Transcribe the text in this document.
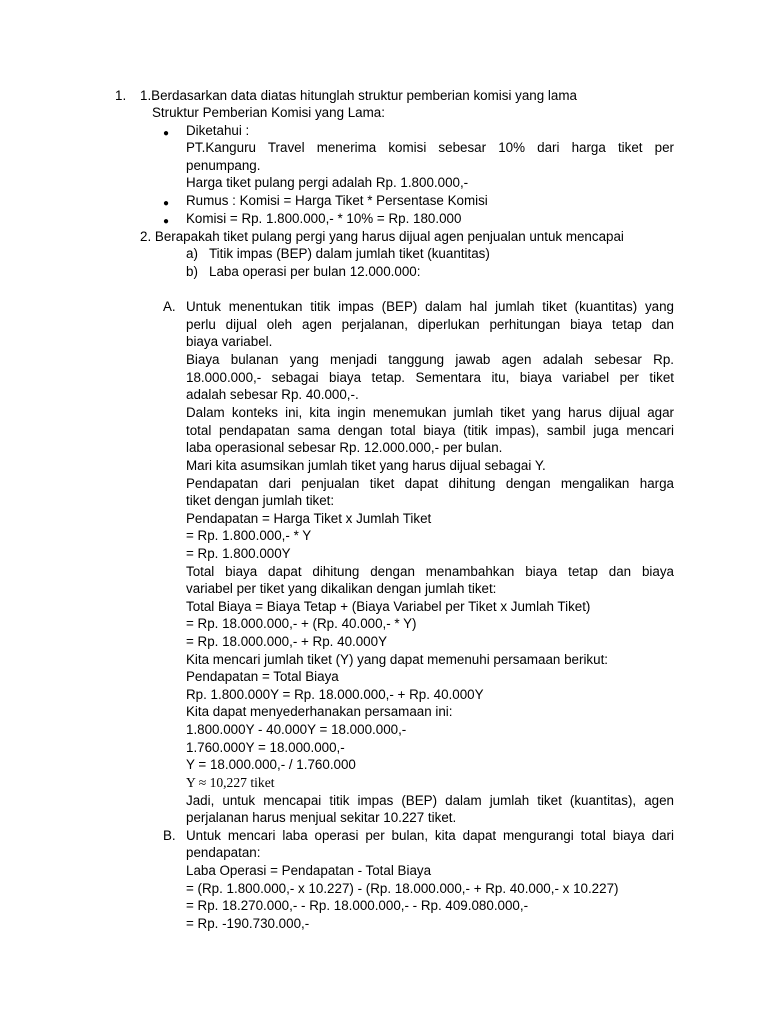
1. 1.Berdasarkan data diatas hitunglah struktur pemberian komisi yang lama
Struktur Pemberian Komisi yang Lama:
● Diketahui :
PT.Kanguru Travel menerima komisi sebesar 10% dari harga tiket per
penumpang.
Harga tiket pulang pergi adalah Rp. 1.800.000,-
● Rumus : Komisi = Harga Tiket * Persentase Komisi
● Komisi = Rp. 1.800.000,- * 10% = Rp. 180.000
2. Berapakah tiket pulang pergi yang harus dijual agen penjualan untuk mencapai
a) Titik impas (BEP) dalam jumlah tiket (kuantitas)
b) Laba operasi per bulan 12.000.000:
A. Untuk menentukan titik impas (BEP) dalam hal jumlah tiket (kuantitas) yang
perlu dijual oleh agen perjalanan, diperlukan perhitungan biaya tetap dan
biaya variabel.
Biaya bulanan yang menjadi tanggung jawab agen adalah sebesar Rp.
18.000.000,- sebagai biaya tetap. Sementara itu, biaya variabel per tiket
adalah sebesar Rp. 40.000,-.
Dalam konteks ini, kita ingin menemukan jumlah tiket yang harus dijual agar
total pendapatan sama dengan total biaya (titik impas), sambil juga mencari
laba operasional sebesar Rp. 12.000.000,- per bulan.
Mari kita asumsikan jumlah tiket yang harus dijual sebagai Y.
Pendapatan dari penjualan tiket dapat dihitung dengan mengalikan harga
tiket dengan jumlah tiket:
Pendapatan = Harga Tiket x Jumlah Tiket
= Rp. 1.800.000,- * Y
= Rp. 1.800.000Y
Total biaya dapat dihitung dengan menambahkan biaya tetap dan biaya
variabel per tiket yang dikalikan dengan jumlah tiket:
Total Biaya = Biaya Tetap + (Biaya Variabel per Tiket x Jumlah Tiket)
= Rp. 18.000.000,- + (Rp. 40.000,- * Y)
= Rp. 18.000.000,- + Rp. 40.000Y
Kita mencari jumlah tiket (Y) yang dapat memenuhi persamaan berikut:
Pendapatan = Total Biaya
Rp. 1.800.000Y = Rp. 18.000.000,- + Rp. 40.000Y
Kita dapat menyederhanakan persamaan ini:
1.800.000Y - 40.000Y = 18.000.000,-
1.760.000Y = 18.000.000,-
Y = 18.000.000,- / 1.760.000
Y ≈ 10,227 tiket
Jadi, untuk mencapai titik impas (BEP) dalam jumlah tiket (kuantitas), agen
perjalanan harus menjual sekitar 10.227 tiket.
B. Untuk mencari laba operasi per bulan, kita dapat mengurangi total biaya dari
pendapatan:
Laba Operasi = Pendapatan - Total Biaya
= (Rp. 1.800.000,- x 10.227) - (Rp. 18.000.000,- + Rp. 40.000,- x 10.227)
= Rp. 18.270.000,- - Rp. 18.000.000,- - Rp. 409.080.000,-
= Rp. -190.730.000,-
